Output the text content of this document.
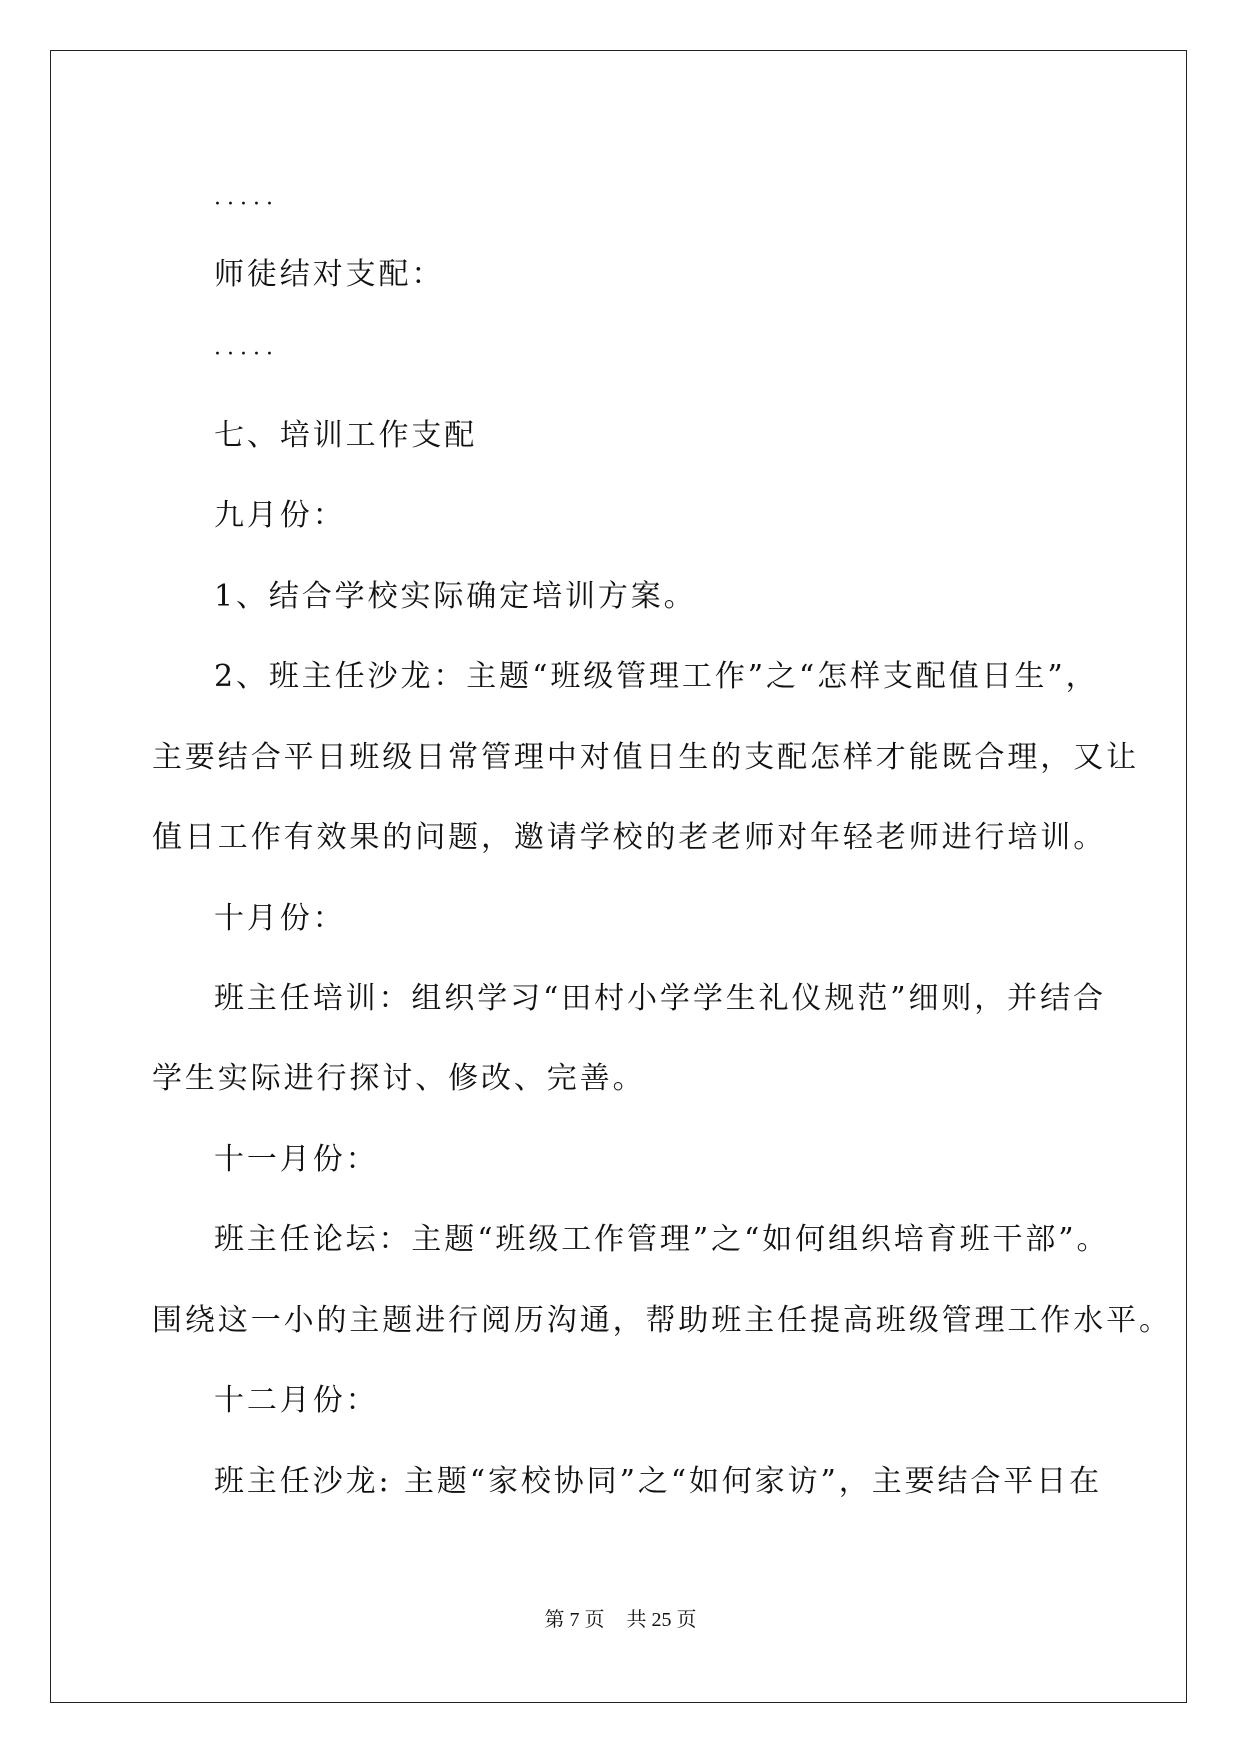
·····
师徒结对支配：
·····
七、培训工作支配
九月份：
1、结合学校实际确定培训方案。
2、班主任沙龙：主题“班级管理工作”之“怎样支配值日生”，
主要结合平日班级日常管理中对值日生的支配怎样才能既合理，又让
值日工作有效果的问题，邀请学校的老老师对年轻老师进行培训。
十月份：
班主任培训：组织学习“田村小学学生礼仪规范”细则，并结合
学生实际进行探讨、修改、完善。
十一月份：
班主任论坛：主题“班级工作管理”之“如何组织培育班干部”。
围绕这一小的主题进行阅历沟通，帮助班主任提高班级管理工作水平。
十二月份：
班主任沙龙: 主题“家校协同”之“如何家访”，主要结合平日在
第 7 页 共 25 页
